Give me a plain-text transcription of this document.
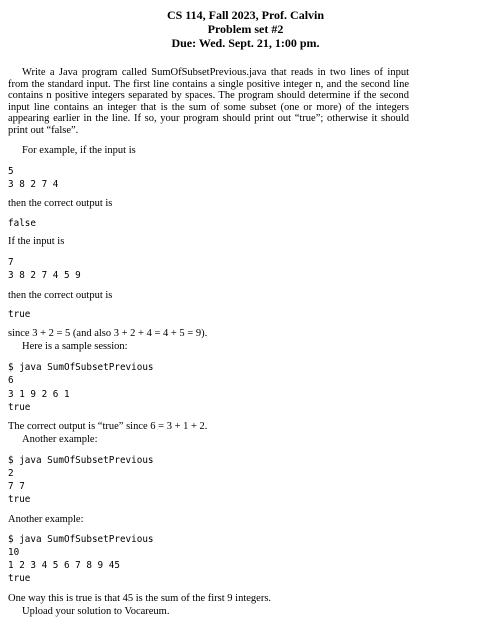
CS 114, Fall 2023, Prof. Calvin
Problem set #2
Due: Wed. Sept. 21, 1:00 pm.
Write a Java program called SumOfSubsetPrevious.java that reads in two lines of input from the standard input. The first line contains a single positive integer n, and the second line contains n positive integers separated by spaces. The program should determine if the second input line contains an integer that is the sum of some subset (one or more) of the integers appearing earlier in the line. If so, your program should print out “true”; otherwise it should print out “false”.
For example, if the input is
5
3 8 2 7 4
then the correct output is
false
If the input is
7
3 8 2 7 4 5 9
then the correct output is
true
since 3 + 2 = 5 (and also 3 + 2 + 4 = 4 + 5 = 9).
Here is a sample session:
$ java SumOfSubsetPrevious
6
3 1 9 2 6 1
true
The correct output is “true” since 6 = 3 + 1 + 2.
Another example:
$ java SumOfSubsetPrevious
2
7 7
true
Another example:
$ java SumOfSubsetPrevious
10
1 2 3 4 5 6 7 8 9 45
true
One way this is true is that 45 is the sum of the first 9 integers.
Upload your solution to Vocareum.
